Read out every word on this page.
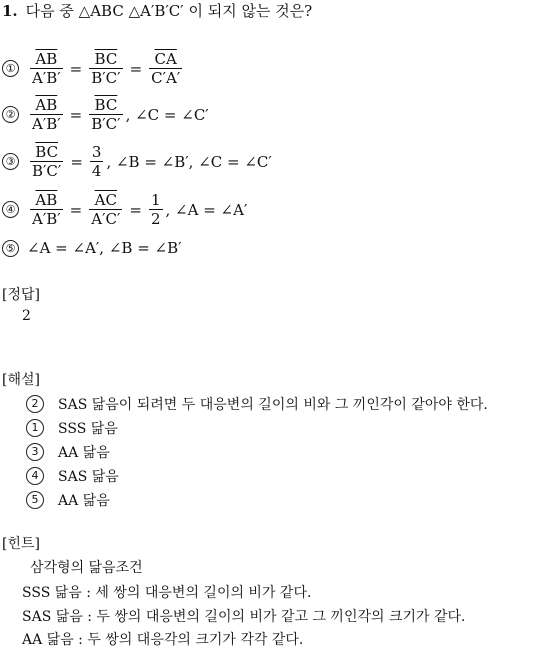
1. 다음 중 △ABC △A′B′C′ 이 되지 않는 것은?
① $\frac{\overline{AB}}{A'B'} = \frac{\overline{BC}}{B'C'} = \frac{\overline{CA}}{C'A'}$
② $\frac{\overline{AB}}{A'B'} = \frac{\overline{BC}}{B'C'}$ , ∠C = ∠C′
③ $\frac{\overline{BC}}{B'C'} = \frac{3}{4}$ , ∠B = ∠B′, ∠C = ∠C′
④ $\frac{\overline{AB}}{A'B'} = \frac{\overline{AC}}{A'C'} = \frac{1}{2}$ , ∠A = ∠A′
⑤ ∠A = ∠A′, ∠B = ∠B′
[정답]
2
[해설]
2	SAS 닮음이 되려면 두 대응변의 길이의 비와 그 끼인각이 같아야 한다.
1	SSS 닮음
3	AA 닮음
4	SAS 닮음
5	AA 닮음
[힌트]
삼각형의 닮음조건
SSS 닮음 : 세 쌍의 대응변의 길이의 비가 같다.
SAS 닮음 : 두 쌍의 대응변의 길이의 비가 같고 그 끼인각의 크기가 같다.
AA 닮음 : 두 쌍의 대응각의 크기가 각각 같다.
